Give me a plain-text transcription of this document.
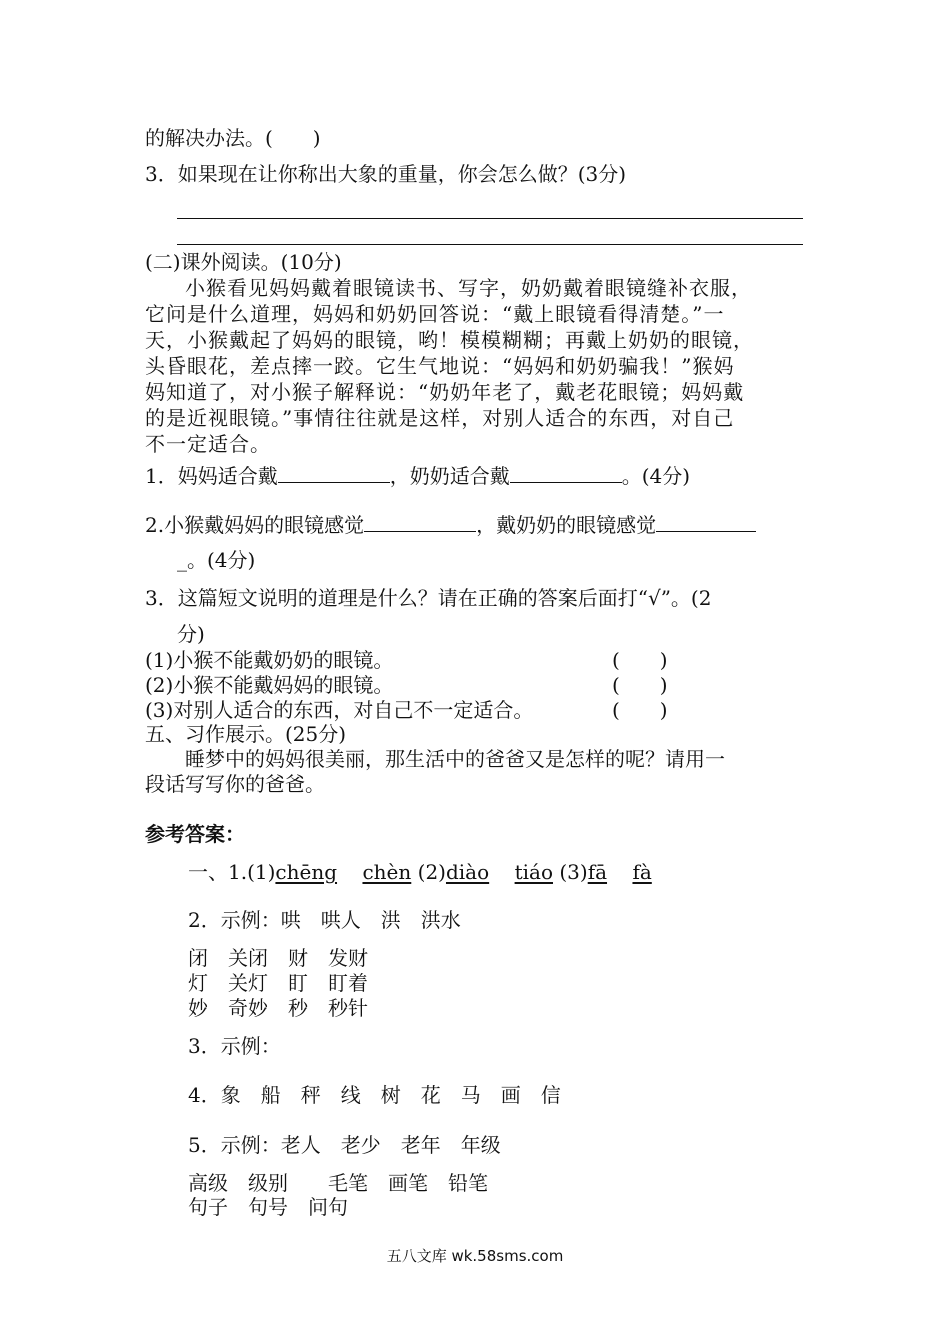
的解决办法。(　　)
3．如果现在让你称出大象的重量，你会怎么做？(3分)
(二)课外阅读。(10分)
小猴看见妈妈戴着眼镜读书、写字，奶奶戴着眼镜缝补衣服，
它问是什么道理，妈妈和奶奶回答说：“戴上眼镜看得清楚。”一
天，小猴戴起了妈妈的眼镜，哟！模模糊糊；再戴上奶奶的眼镜，
头昏眼花，差点摔一跤。它生气地说：“妈妈和奶奶骗我！”猴妈
妈知道了，对小猴子解释说：“奶奶年老了，戴老花眼镜；妈妈戴
的是近视眼镜。”事情往往就是这样，对别人适合的东西，对自己
不一定适合。
1．妈妈适合戴	，奶奶适合戴	。(4分)
2.小猴戴妈妈的眼镜感觉	，戴奶奶的眼镜感觉
_。(4分)
3．这篇短文说明的道理是什么？请在正确的答案后面打“√”。(2
分)
(1)小猴不能戴奶奶的眼镜。	(　　)
(2)小猴不能戴妈妈的眼镜。	(　　)
(3)对别人适合的东西，对自己不一定适合。	(　　)
五、习作展示。(25分)
睡梦中的妈妈很美丽，那生活中的爸爸又是怎样的呢？请用一
段话写写你的爸爸。
参考答案：
一、1.(1)chēng chèn (2)diào tiáo (3)fā fà
2．示例：哄　哄人　洪　洪水
闭　关闭　财　发财
灯　关灯　盯　盯着
妙　奇妙　秒　秒针
3．示例：
4．象　船　秤　线　树　花　马　画　信
5．示例：老人　老少　老年　年级
高级　级别　　毛笔　画笔　铅笔
句子　句号　问句
五八文库 wk.58sms.com
